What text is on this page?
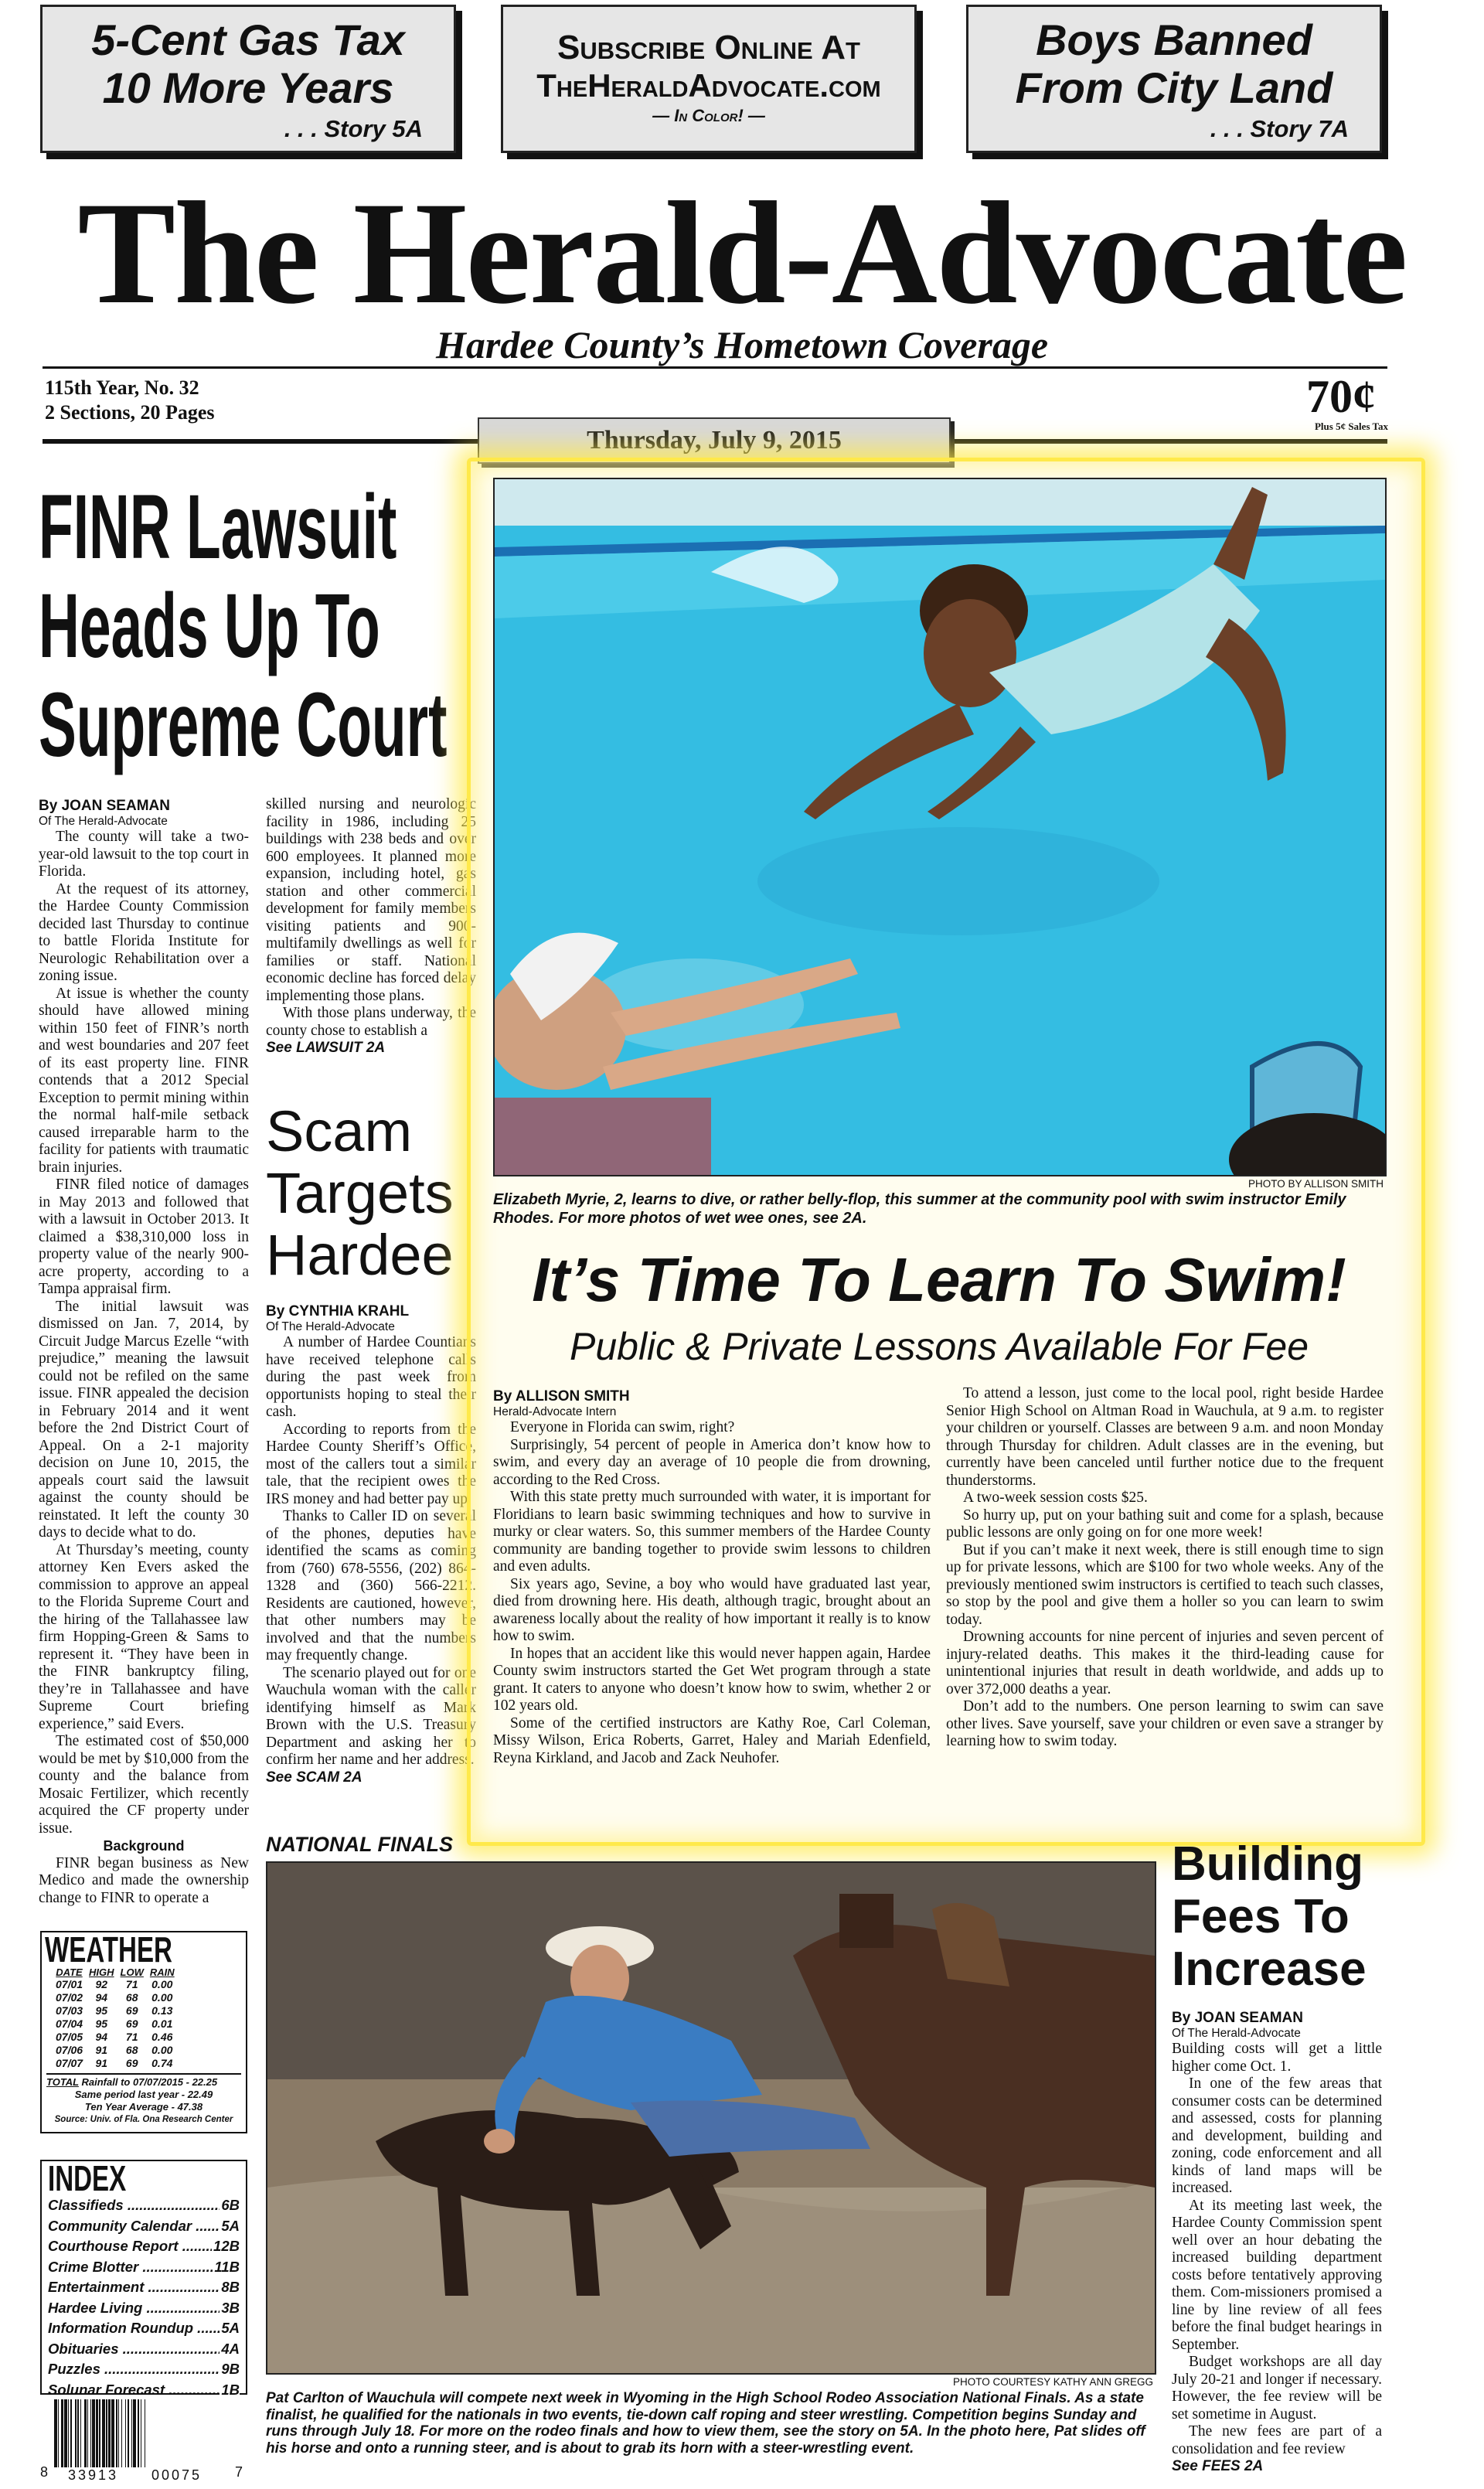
5-Cent Gas Tax
10 More Years
. . . Story 5A
Subscribe Online At
TheHeraldAdvocate.com
— In Color! —
Boys Banned
From City Land
. . . Story 7A
The Herald-Advocate
Hardee County’s Hometown Coverage
115th Year, No. 32
2 Sections, 20 Pages	70¢
Plus 5¢ Sales Tax
Thursday, July 9, 2015
FINR Lawsuit
Heads Up To
Supreme Court
By JOAN SEAMAN
Of The Herald-Advocate

The county will take a two-year-old lawsuit to the top court in Florida.

At the request of its attorney, the Hardee County Commission decided last Thursday to continue to battle Florida Institute for Neurologic Rehabilitation over a zoning issue.

At issue is whether the county should have allowed mining within 150 feet of FINR’s north and west boundaries and 207 feet of its east property line. FINR contends that a 2012 Special Exception to permit mining within the normal half-mile setback caused irreparable harm to the facility for patients with traumatic brain injuries.

FINR filed notice of damages in May 2013 and followed that with a lawsuit in October 2013. It claimed a $38,310,000 loss in property value of the nearly 900-acre property, according to a Tampa appraisal firm.

The initial lawsuit was dismissed on Jan. 7, 2014, by Circuit Judge Marcus Ezelle “with prejudice,” meaning the lawsuit could not be refiled on the same issue. FINR appealed the decision in February 2014 and it went before the 2nd District Court of Appeal. On a 2-1 majority decision on June 10, 2015, the appeals court said the lawsuit against the county should be reinstated. It left the county 30 days to decide what to do.

At Thursday’s meeting, county attorney Ken Evers asked the commission to approve an appeal to the Florida Supreme Court and the hiring of the Tallahassee law firm Hopping-Green & Sams to represent it. “They have been in the FINR bankruptcy filing, they’re in Tallahassee and have Supreme Court briefing experience,” said Evers.

The estimated cost of $50,000 would be met by $10,000 from the county and the balance from Mosaic Fertilizer, which recently acquired the CF property under issue.

Background

FINR began business as New Medico and made the ownership change to FINR to operate a

skilled nursing and neurologic facility in 1986, including 25 buildings with 238 beds and over 600 employees. It planned more expansion, including hotel, gas station and other commercial development for family members visiting patients and 900-multifamily dwellings as well for families or staff. National economic decline has forced delay implementing those plans.

With those plans underway, the county chose to establish a

See LAWSUIT 2A
Scam
Targets
Hardee
By CYNTHIA KRAHL
Of The Herald-Advocate

A number of Hardee Countians have received telephone calls during the past week from opportunists hoping to steal their cash.

According to reports from the Hardee County Sheriff’s Office, most of the callers tout a similar tale, that the recipient owes the IRS money and had better pay up.

Thanks to Caller ID on several of the phones, deputies have identified the scams as coming from (760) 678-5556, (202) 864-1328 and (360) 566-2212. Residents are cautioned, however, that other numbers may be involved and that the numbers may frequently change.

The scenario played out for one Wauchula woman with the caller identifying himself as Mark Brown with the U.S. Treasury Department and asking her to confirm her name and her address.

See SCAM 2A
PHOTO BY ALLISON SMITH
Elizabeth Myrie, 2, learns to dive, or rather belly-flop, this summer at the community pool with swim instructor Emily Rhodes. For more photos of wet wee ones, see 2A.
It’s Time To Learn To Swim!
Public & Private Lessons Available For Fee
By ALLISON SMITH
Herald-Advocate Intern

Everyone in Florida can swim, right?

Surprisingly, 54 percent of people in America don’t know how to swim, and every day an average of 10 people die from drowning, according to the Red Cross.

With this state pretty much surrounded with water, it is important for Floridians to learn basic swimming techniques and how to survive in murky or clear waters. So, this summer members of the Hardee County community are banding together to provide swim lessons to children and even adults.

Six years ago, Sevine, a boy who would have graduated last year, died from drowning here. His death, although tragic, brought about an awareness locally about the reality of how important it really is to know how to swim.

In hopes that an accident like this would never happen again, Hardee County swim instructors started the Get Wet program through a state grant. It caters to anyone who doesn’t know how to swim, whether 2 or 102 years old.

Some of the certified instructors are Kathy Roe, Carl Coleman, Missy Wilson, Erica Roberts, Garret, Haley and Mariah Edenfield, Reyna Kirkland, and Jacob and Zack Neuhofer.

To attend a lesson, just come to the local pool, right beside Hardee Senior High School on Altman Road in Wauchula, at 9 a.m. to register your children or yourself. Classes are between 9 a.m. and noon Monday through Thursday for children. Adult classes are in the evening, but currently have been canceled until further notice due to the frequent thunderstorms.

A two-week session costs $25.

So hurry up, put on your bathing suit and come for a splash, because public lessons are only going on for one more week!

But if you can’t make it next week, there is still enough time to sign up for private lessons, which are $100 for two whole weeks. Any of the previously mentioned swim instructors is certified to teach such classes, so stop by the pool and give them a holler so you can learn to swim today.

Drowning accounts for nine percent of injuries and seven percent of injury-related deaths. This makes it the third-leading cause for unintentional injuries that result in death worldwide, and adds up to over 372,000 deaths a year.

Don’t add to the numbers. One person learning to swim can save other lives. Save yourself, save your children or even save a stranger by learning how to swim today.

NATIONAL FINALS
PHOTO COURTESY KATHY ANN GREGG
Pat Carlton of Wauchula will compete next week in Wyoming in the High School Rodeo Association National Finals. As a state finalist, he qualified for the nationals in two events, tie-down calf roping and steer wrestling. Competition begins Sunday and runs through July 18. For more on the rodeo finals and how to view them, see the story on 5A. In the photo here, Pat slides off his horse and onto a running steer, and is about to grab its horn with a steer-wrestling event.
Building
Fees To
Increase
By JOAN SEAMAN
Of The Herald-Advocate

Building costs will get a little higher come Oct. 1.

In one of the few areas that consumer costs can be determined and assessed, costs for planning and development, building and zoning, code enforcement and all kinds of land maps will be increased.

At its meeting last week, the Hardee County Commission spent well over an hour debating the increased building department costs before tentatively approving them. Com-missioners promised a line by line review of all fees before the final budget hearings in September.

Budget workshops are all day July 20-21 and longer if necessary. However, the fee review will be set sometime in August.

The new fees are part of a consolidation and fee review

See FEES 2A
WEATHER
DATE	HIGH	LOW	RAIN
07/01	92	71	0.00
07/02	94	68	0.00
07/03	95	69	0.13
07/04	95	69	0.01
07/05	94	71	0.46
07/06	91	68	0.00
07/07	91	69	0.74
TOTAL Rainfall to 07/07/2015 - 22.25
Same period last year - 22.49
Ten Year Average - 47.38
Source: Univ. of Fla. Ona Research Center
INDEX
Classifieds .....	6B
Community Calendar .....	5A
Courthouse Report .....	12B
Crime Blotter .....	11B
Entertainment .....	8B
Hardee Living .....	3B
Information Roundup .....	5A
Obituaries .....	4A
Puzzles .....	9B
Solunar Forecast .....	1B
8 33913 00075 7
